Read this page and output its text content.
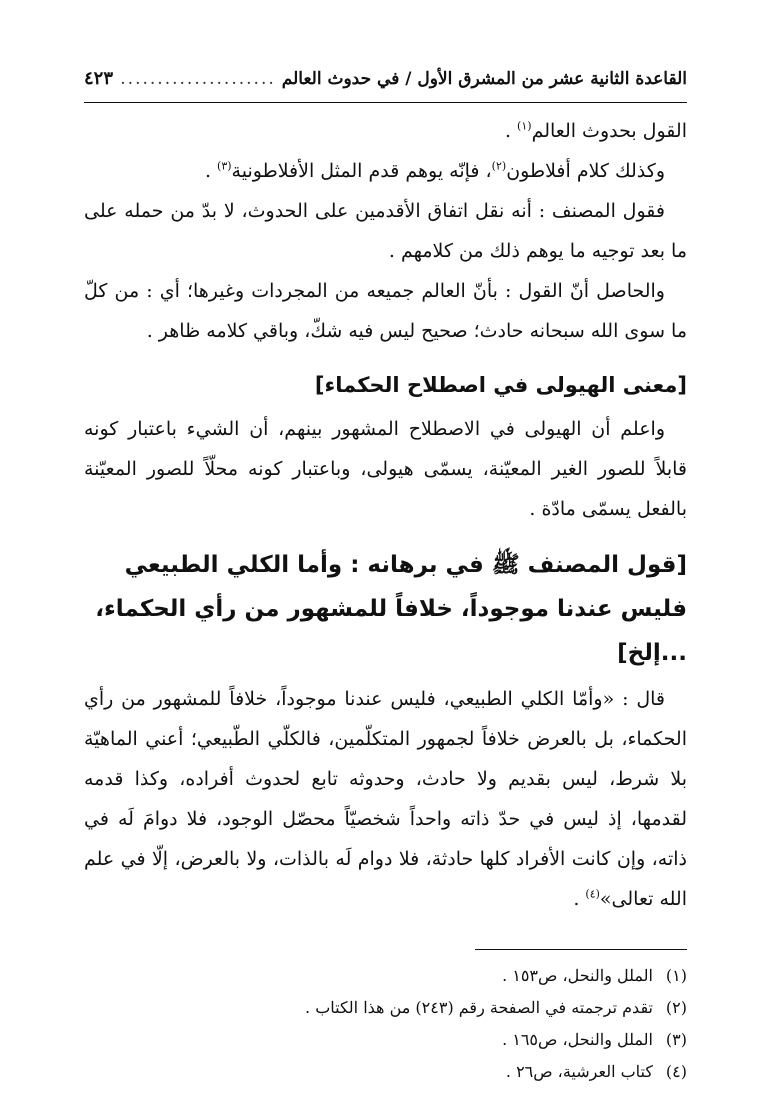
القاعدة الثانية عشر من المشرق الأول / في حدوث العالم
.....
٤٢٣

القول بحدوث العالم$^{(١)}$ .

وكذلك كلام أفلاطون$^{(٢)}$، فإنّه يوهم قدم المثل الأفلاطونية$^{(٣)}$ .

فقول المصنف : أنه نقل اتفاق الأقدمين على الحدوث، لا بدّ من حمله على ما بعد توجيه ما يوهم ذلك من كلامهم .

والحاصل أنّ القول : بأنّ العالم جميعه من المجردات وغيرها؛ أي : من كلّ ما سوى الله سبحانه حادث؛ صحيح ليس فيه شكّ، وباقي كلامه ظاهر .

[معنى الهيولى في اصطلاح الحكماء]

واعلم أن الهيولى في الاصطلاح المشهور بينهم، أن الشيء باعتبار كونه قابلاً للصور الغير المعيّنة، يسمّى هيولى، وباعتبار كونه محلّاً للصور المعيّنة بالفعل يسمّى مادّة .

[قول المصنف ﷺ في برهانه : وأما الكلي الطبيعي فليس عندنا موجوداً، خلافاً للمشهور من رأي الحكماء، ...إلخ]

قال : «وأمّا الكلي الطبيعي، فليس عندنا موجوداً، خلافاً للمشهور من رأي الحكماء، بل بالعرض خلافاً لجمهور المتكلّمين، فالكلّي الطّبيعي؛ أعني الماهيّة بلا شرط، ليس بقديم ولا حادث، وحدوثه تابع لحدوث أفراده، وكذا قدمه لقدمها، إذ ليس في حدّ ذاته واحداً شخصيّاً محصّل الوجود، فلا دوامَ لَه في ذاته، وإن كانت الأفراد كلها حادثة، فلا دوام لَه بالذات، ولا بالعرض، إلّا في علم الله تعالى»$^{(٤)}$ .

(١)
الملل والنحل، ص١٥٣ .
(٢)
تقدم ترجمته في الصفحة رقم (٢٤٣) من هذا الكتاب .
(٣)
الملل والنحل، ص١٦٥ .
(٤)
كتاب العرشية، ص٢٦ .
